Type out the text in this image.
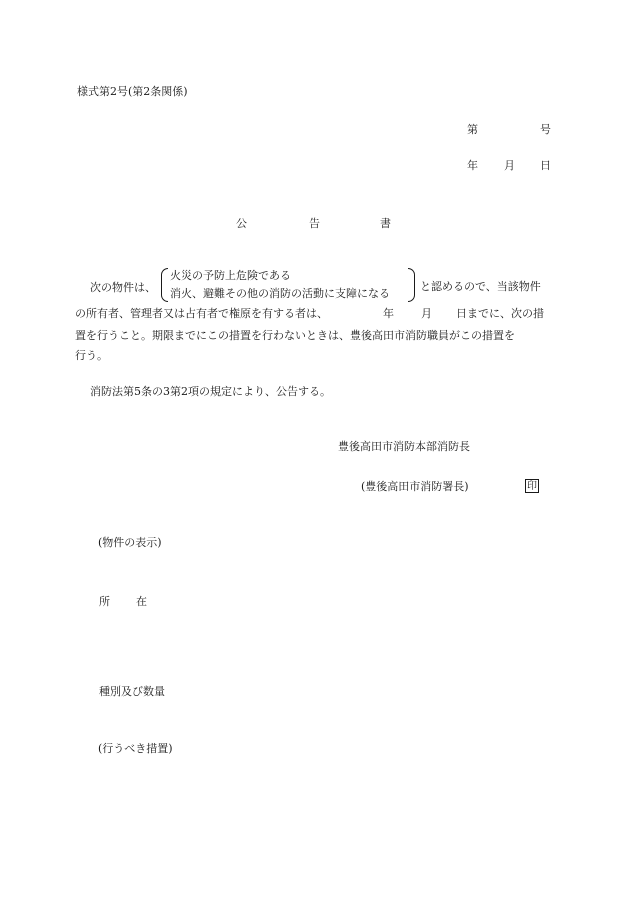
様式第2号(第2条関係)
第	号
年 月 日
公	告	書
次の物件は、
火災の予防上危険である
消火、避難その他の消防の活動に支障になる
と認めるので、当該物件
の所有者、管理者又は占有者で権原を有する者は、	年 月 日までに、次の措
置を行うこと。期限までにこの措置を行わないときは、豊後高田市消防職員がこの措置を
行う。
消防法第5条の3第2項の規定により、公告する。
豊後高田市消防本部消防長
(豊後高田市消防署長)	印
(物件の表示)
所 在
種別及び数量
(行うべき措置)
